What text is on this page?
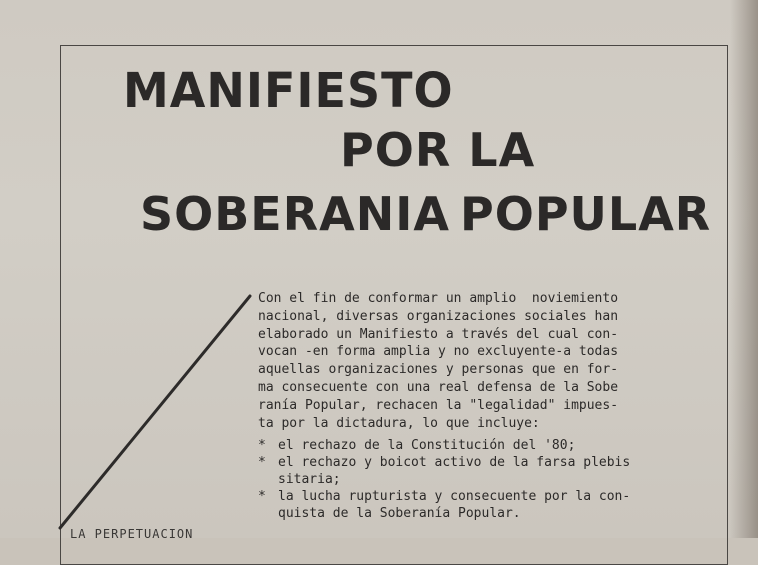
MANIFIESTO
POR LA
SOBERANIA POPULAR

Con el fin de conformar un amplio  noviemiento

nacional, diversas organizaciones sociales han

elaborado un Manifiesto a través del cual con-

vocan -en forma amplia y no excluyente-a todas

aquellas organizaciones y personas que en for-

ma consecuente con una real defensa de la Sobe

ranía Popular, rechacen la "legalidad" impues-

ta por la dictadura, lo que incluye:

* el rechazo de la Constitución del '80;
* el rechazo y boicot activo de la farsa plebis
sitaria;
* la lucha rupturista y consecuente por la con-
quista de la Soberanía Popular.
LA PERPETUACION
